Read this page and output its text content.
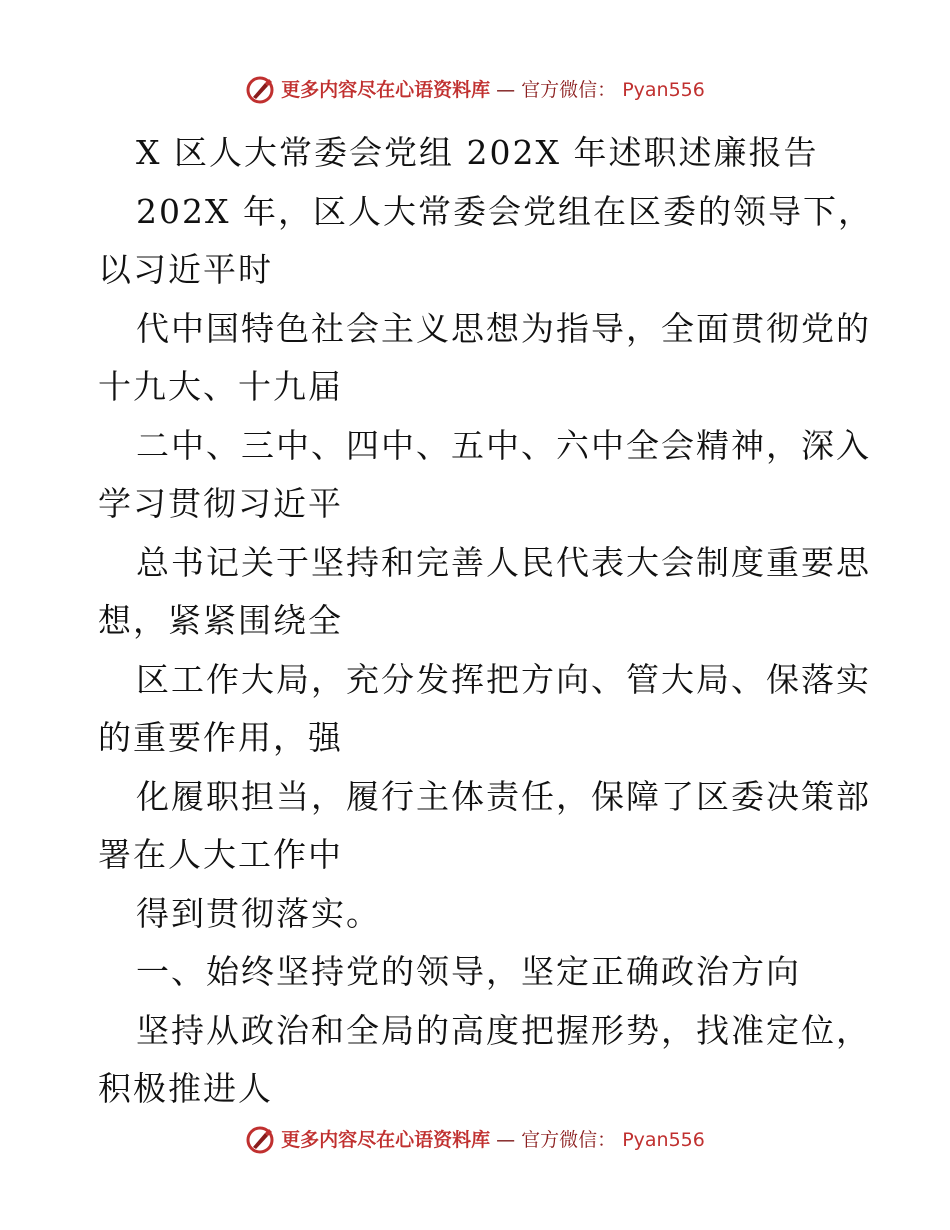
更多内容尽在心语资料库 — 官方微信： Pyan556
X 区人大常委会党组 202X 年述职述廉报告
202X 年，区人大常委会党组在区委的领导下，
以习近平时
代中国特色社会主义思想为指导，全面贯彻党的
十九大、十九届
二中、三中、四中、五中、六中全会精神，深入
学习贯彻习近平
总书记关于坚持和完善人民代表大会制度重要思
想，紧紧围绕全
区工作大局，充分发挥把方向、管大局、保落实
的重要作用，强
化履职担当，履行主体责任，保障了区委决策部
署在人大工作中
得到贯彻落实。
一、始终坚持党的领导，坚定正确政治方向
坚持从政治和全局的高度把握形势，找准定位，
积极推进人
更多内容尽在心语资料库 — 官方微信： Pyan556
